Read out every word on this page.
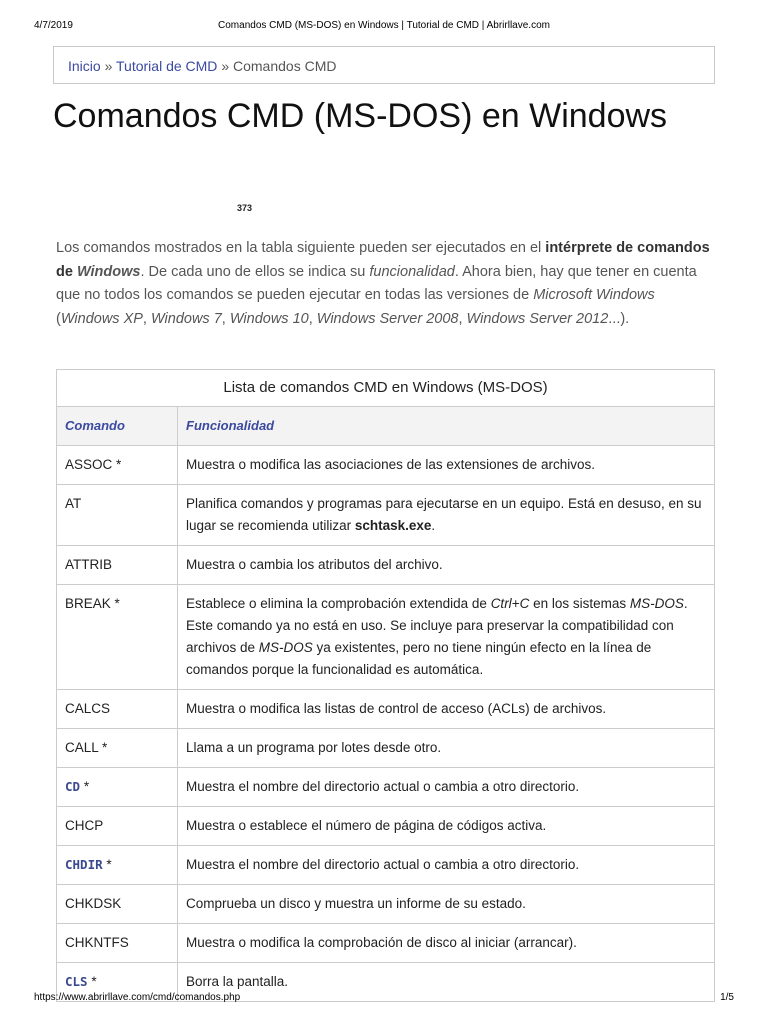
4/7/2019	Comandos CMD (MS-DOS) en Windows | Tutorial de CMD | Abrirllave.com
Inicio » Tutorial de CMD » Comandos CMD
Comandos CMD (MS-DOS) en Windows
373

Los comandos mostrados en la tabla siguiente pueden ser ejecutados en el intérprete de comandos de Windows. De cada uno de ellos se indica su funcionalidad. Ahora bien, hay que tener en cuenta que no todos los comandos se pueden ejecutar en todas las versiones de Microsoft Windows (Windows XP, Windows 7, Windows 10, Windows Server 2008, Windows Server 2012...).

Lista de comandos CMD en Windows (MS-DOS)	
Comando	Funcionalidad
ASSOC *	Muestra o modifica las asociaciones de las extensiones de archivos.
AT	Planifica comandos y programas para ejecutarse en un equipo. Está en desuso, en su lugar se recomienda utilizar schtask.exe.
ATTRIB	Muestra o cambia los atributos del archivo.
BREAK *	Establece o elimina la comprobación extendida de Ctrl+C en los sistemas MS-DOS. Este comando ya no está en uso. Se incluye para preservar la compatibilidad con archivos de MS-DOS ya existentes, pero no tiene ningún efecto en la línea de comandos porque la funcionalidad es automática.
CALCS	Muestra o modifica las listas de control de acceso (ACLs) de archivos.
CALL *	Llama a un programa por lotes desde otro.
CD *	Muestra el nombre del directorio actual o cambia a otro directorio.
CHCP	Muestra o establece el número de página de códigos activa.
CHDIR *	Muestra el nombre del directorio actual o cambia a otro directorio.
CHKDSK	Comprueba un disco y muestra un informe de su estado.
CHKNTFS	Muestra o modifica la comprobación de disco al iniciar (arrancar).
CLS *	Borra la pantalla.
https://www.abrirllave.com/cmd/comandos.php	1/5
